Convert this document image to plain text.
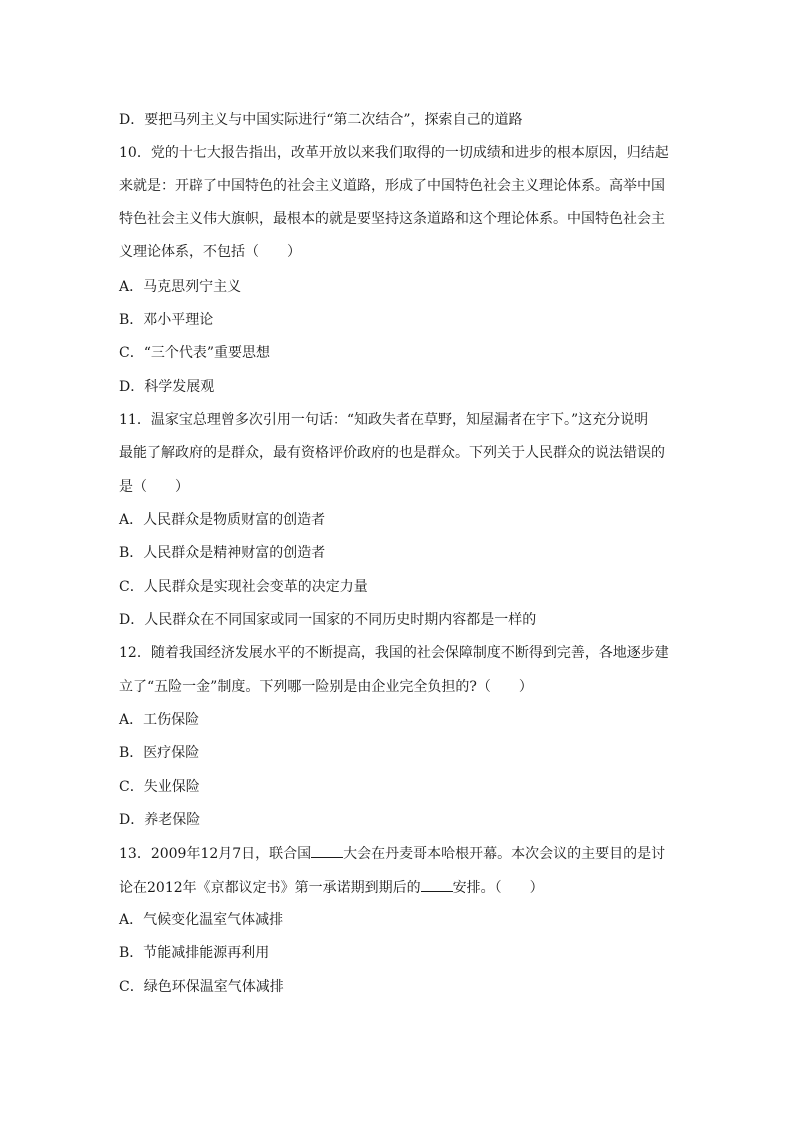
D．要把马列主义与中国实际进行“第二次结合”，探索自己的道路
10．党的十七大报告指出，改革开放以来我们取得的一切成绩和进步的根本原因，归结起
来就是：开辟了中国特色的社会主义道路，形成了中国特色社会主义理论体系。高举中国
特色社会主义伟大旗帜，最根本的就是要坚持这条道路和这个理论体系。中国特色社会主
义理论体系，不包括（　　）
A．马克思列宁主义
B．邓小平理论
C．“三个代表”重要思想
D．科学发展观
11．温家宝总理曾多次引用一句话：“知政失者在草野，知屋漏者在宇下。”这充分说明
最能了解政府的是群众，最有资格评价政府的也是群众。下列关于人民群众的说法错误的
是（　　）
A．人民群众是物质财富的创造者
B．人民群众是精神财富的创造者
C．人民群众是实现社会变革的决定力量
D．人民群众在不同国家或同一国家的不同历史时期内容都是一样的
12．随着我国经济发展水平的不断提高，我国的社会保障制度不断得到完善，各地逐步建
立了“五险一金”制度。下列哪一险别是由企业完全负担的?（　　）
A．工伤保险
B．医疗保险
C．失业保险
D．养老保险
13．2009年12月7日，联合国 大会在丹麦哥本哈根开幕。本次会议的主要目的是讨
论在2012年《京都议定书》第一承诺期到期后的 安排。（　　）
A．气候变化温室气体减排
B．节能减排能源再利用
C．绿色环保温室气体减排
